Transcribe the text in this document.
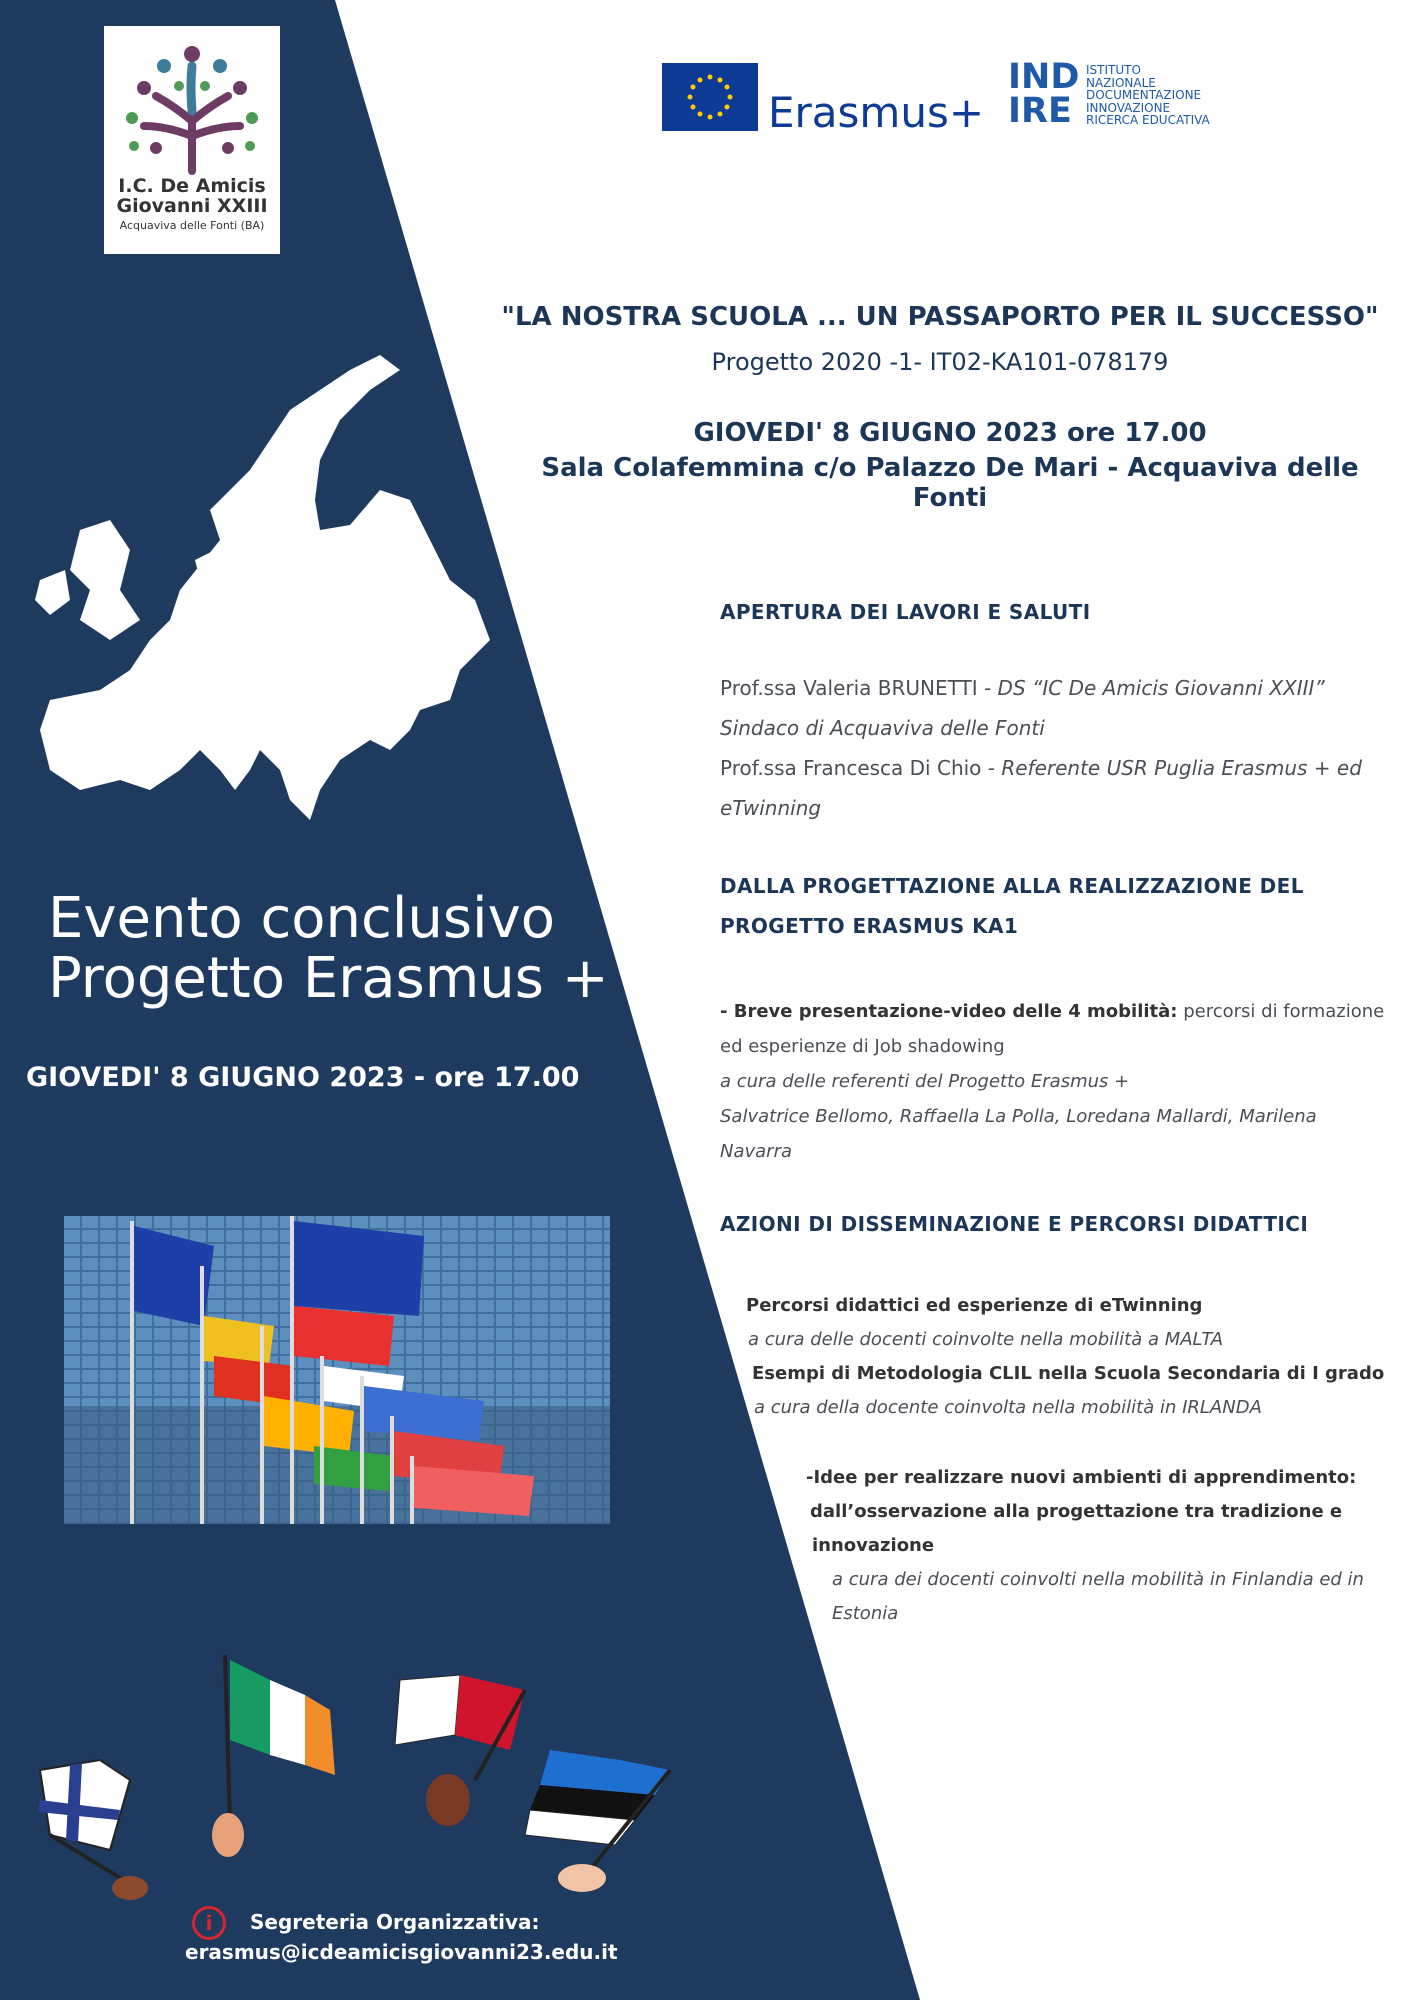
I.C. De Amicis
Giovanni XXIII
Acquaviva delle Fonti (BA)
Erasmus+
IND
IRE
ISTITUTO
NAZIONALE
DOCUMENTAZIONE
INNOVAZIONE
RICERCA EDUCATIVA
"LA NOSTRA SCUOLA ... UN PASSAPORTO PER IL SUCCESSO"
Progetto 2020 -1- IT02-KA101-078179
GIOVEDI' 8 GIUGNO 2023 ore 17.00
Sala Colafemmina c/o Palazzo De Mari - Acquaviva delle Fonti
Evento conclusivo
Progetto Erasmus +
GIOVEDI' 8 GIUGNO 2023 - ore 17.00
i	Segreteria Organizzativa:
erasmus@icdeamicisgiovanni23.edu.it
APERTURA DEI LAVORI E SALUTI
Prof.ssa Valeria BRUNETTI - DS “IC De Amicis Giovanni XXIII”
Sindaco di Acquaviva delle Fonti
Prof.ssa Francesca Di Chio - Referente USR Puglia Erasmus + ed
eTwinning
DALLA PROGETTAZIONE ALLA REALIZZAZIONE DEL
PROGETTO ERASMUS KA1
- Breve presentazione-video delle 4 mobilità: percorsi di formazione
ed esperienze di Job shadowing
a cura delle referenti del Progetto Erasmus +
Salvatrice Bellomo, Raffaella La Polla, Loredana Mallardi, Marilena
Navarra
AZIONI DI DISSEMINAZIONE E PERCORSI DIDATTICI
Percorsi didattici ed esperienze di eTwinning
a cura delle docenti coinvolte nella mobilità a MALTA
Esempi di Metodologia CLIL nella Scuola Secondaria di I grado
a cura della docente coinvolta nella mobilità in IRLANDA
-Idee per realizzare nuovi ambienti di apprendimento:
dall’osservazione alla progettazione tra tradizione e
innovazione
a cura dei docenti coinvolti nella mobilità in Finlandia ed in
Estonia
